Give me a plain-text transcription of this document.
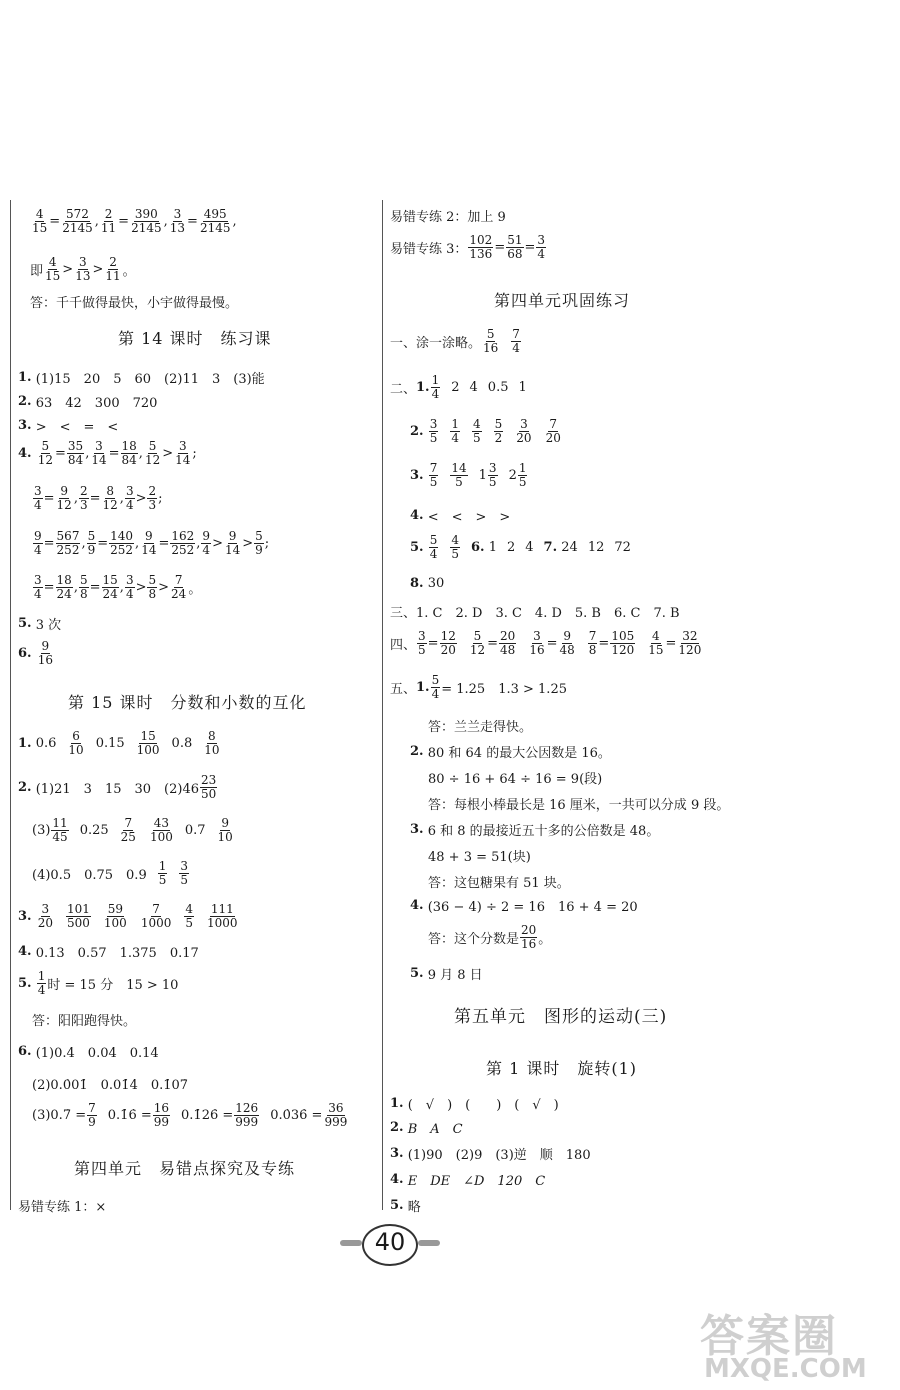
$\frac{4}{15} = \frac{572}{2145}$ , $\frac{2}{11} = \frac{390}{2145}$ , $\frac{3}{13} = \frac{495}{2145}$ ,
即 $\frac{4}{15} > \frac{3}{13} > \frac{2}{11}$ 。
答：千千做得最快，小宇做得最慢。
第 14 课时　练习课
1.
(1)15　20　5　60　(2)11　3　(3)能
2.
63　42　300　720
3.
>　<　=　<
4.
$\frac{5}{12} = \frac{35}{84}$ , $\frac{3}{14} = \frac{18}{84}$ , $\frac{5}{12} > \frac{3}{14}$ ;
$\frac{3}{4} = \frac{9}{12}$ , $\frac{2}{3} = \frac{8}{12}$ , $\frac{3}{4} > \frac{2}{3}$ ;
$\frac{9}{4} = \frac{567}{252}$ , $\frac{5}{9} = \frac{140}{252}$ , $\frac{9}{14} = \frac{162}{252}$ , $\frac{9}{4} > \frac{9}{14} > \frac{5}{9}$ ;
$\frac{3}{4} = \frac{18}{24}$ , $\frac{5}{8} = \frac{15}{24}$ , $\frac{3}{4} > \frac{5}{8} > \frac{7}{24}$ 。
5.
3 次
6.
$\frac{9}{16}$
第 15 课时　分数和小数的互化
1.
$0.6 \frac{6}{10} 0.15 \frac{15}{100} 0.8 \frac{8}{10}$
2.
(1)21　3　15　30　$(2)46 \frac{23}{50}$
$(3) \frac{11}{45} 0.25 \frac{7}{25} \frac{43}{100} 0.7 \frac{9}{10}$
(4)0.5　0.75　$0.9 \frac{1}{5} \frac{3}{5}$
3.
$\frac{3}{20} \frac{101}{500} \frac{59}{100} \frac{7}{1000} \frac{4}{5} \frac{111}{1000}$
4.
0.13　0.57　1.375　0.17
5.
$\frac{1}{4}$ 时 = 15 分　15 > 10
答：阳阳跑得快。
6.
(1)0.4̇　0.04̇　0.14̇
(2)0.0̇01̇　0.01̇4̇　0.1̇07̇
(3)0.7̇ = $\frac{7}{9}$ 0.1̇6̇ = $\frac{16}{99}$ 0.1̇26̇ = $\frac{126}{999}$ 0.0̇36̇ = $\frac{36}{999}$
第四单元　易错点探究及专练
易错专练 1：×
易错专练 2：加上 9
易错专练 3： $\frac{102}{136} = \frac{51}{68} = \frac{3}{4}$
第四单元巩固练习
一、涂一涂略。 $\frac{5}{16} \frac{7}{4}$
二、 1. $\frac{1}{4} 2$ 4 0.5 1
2.
$\frac{3}{5} \frac{1}{4} \frac{4}{5} \frac{5}{2} \frac{3}{20} \frac{7}{20}$
3.
$\frac{7}{5} \frac{14}{5} 1 \frac{3}{5} 2 \frac{1}{5}$
4.
<　<　>　>
5.
$\frac{5}{4} \frac{4}{5} 6$. 1 2 4 7. 24 12 72
8.
30
三、1. C　2. D　3. C　4. D　5. B　6. C　7. B
四、 $\frac{3}{5} = \frac{12}{20} \frac{5}{12} = \frac{20}{48} \frac{3}{16} = \frac{9}{48} \frac{7}{8} = \frac{105}{120} \frac{4}{15} = \frac{32}{120}$
五、 1. $\frac{5}{4} = 1.25$　1.3 > 1.25
答：兰兰走得快。
2.
80 和 64 的最大公因数是 16。
80 ÷ 16 + 64 ÷ 16 = 9(段)
答：每根小棒最长是 16 厘米，一共可以分成 9 段。
3.
6 和 8 的最接近五十多的公倍数是 48。
48 + 3 = 51(块)
答：这包糖果有 51 块。
4.
(36 − 4) ÷ 2 = 16　16 + 4 = 20
答：这个分数是 $\frac{20}{16}$ 。
5.
9 月 8 日
第五单元　图形的运动(三)
第 1 课时　旋转(1)
1.
(　√　)　(　　)　(　√　)
2.
B　A　C
3.
(1)90　(2)9　(3)逆　顺　180
4.
E　DE　∠D　120　C
5.
略
40
答案圈
MXQE.COM
